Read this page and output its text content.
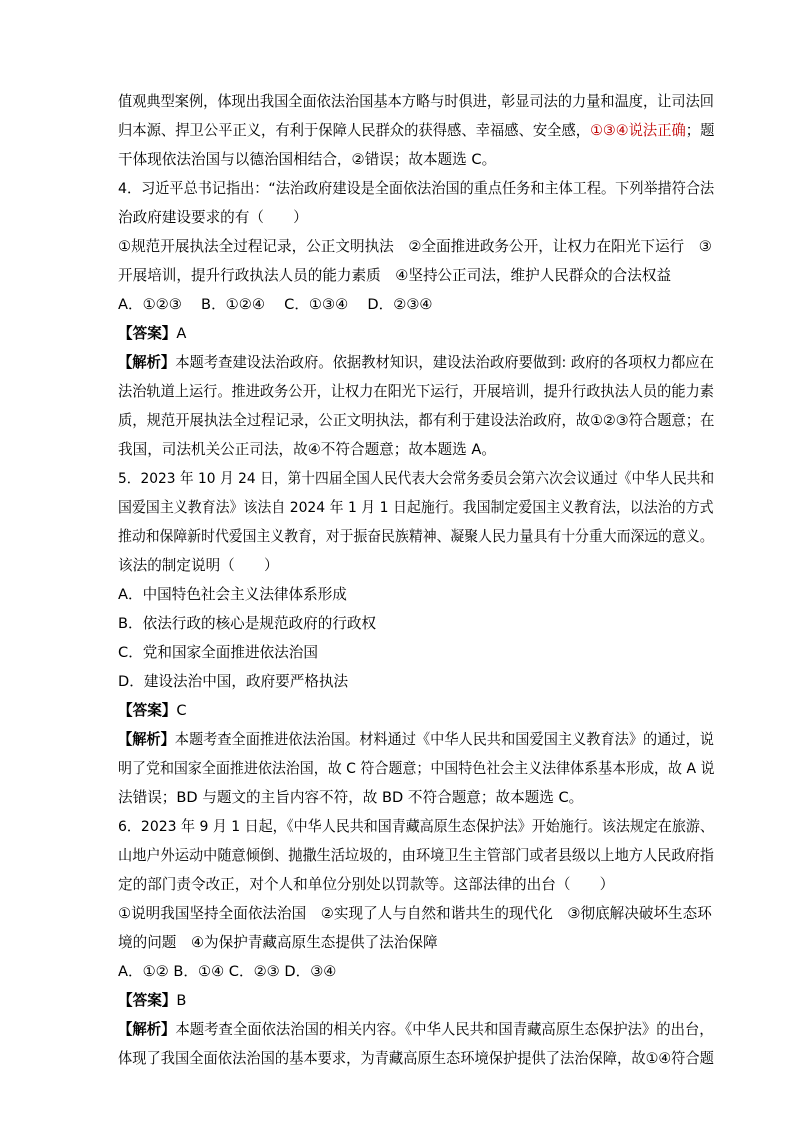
值观典型案例，体现出我国全面依法治国基本方略与时俱进，彰显司法的力量和温度，让司法回
归本源、捍卫公平正义，有利于保障人民群众的获得感、幸福感、安全感，①③④说法正确；题
干体现依法治国与以德治国相结合，②错误；故本题选 C。
4．习近平总书记指出：“法治政府建设是全面依法治国的重点任务和主体工程。下列举措符合法
治政府建设要求的有（　　）
①规范开展执法全过程记录，公正文明执法　②全面推进政务公开，让权力在阳光下运行　③
开展培训，提升行政执法人员的能力素质　④坚持公正司法，维护人民群众的合法权益
A．①②③　 B．①②④　 C．①③④　 D．②③④
【答案】A
【解析】本题考查建设法治政府。依据教材知识，建设法治政府要做到: 政府的各项权力都应在
法治轨道上运行。推进政务公开，让权力在阳光下运行，开展培训，提升行政执法人员的能力素
质，规范开展执法全过程记录，公正文明执法，都有利于建设法治政府，故①②③符合题意；在
我国，司法机关公正司法，故④不符合题意；故本题选 A。
5．2023 年 10 月 24 日，第十四届全国人民代表大会常务委员会第六次会议通过《中华人民共和
国爱国主义教育法》该法自 2024 年 1 月 1 日起施行。我国制定爱国主义教育法，以法治的方式
推动和保障新时代爱国主义教育，对于振奋民族精神、凝聚人民力量具有十分重大而深远的意义。
该法的制定说明（　　）
A．中国特色社会主义法律体系形成
B．依法行政的核心是规范政府的行政权
C．党和国家全面推进依法治国
D．建设法治中国，政府要严格执法
【答案】C
【解析】本题考查全面推进依法治国。材料通过《中华人民共和国爱国主义教育法》的通过，说
明了党和国家全面推进依法治国，故 C 符合题意；中国特色社会主义法律体系基本形成，故 A 说
法错误；BD 与题文的主旨内容不符，故 BD 不符合题意；故本题选 C。
6．2023 年 9 月 1 日起，《中华人民共和国青藏高原生态保护法》开始施行。该法规定在旅游、
山地户外运动中随意倾倒、抛撒生活垃圾的，由环境卫生主管部门或者县级以上地方人民政府指
定的部门责令改正，对个人和单位分别处以罚款等。这部法律的出台（　　）
①说明我国坚持全面依法治国　②实现了人与自然和谐共生的现代化　③彻底解决破坏生态环
境的问题　④为保护青藏高原生态提供了法治保障
A．①② B．①④ C．②③ D．③④
【答案】B
【解析】本题考查全面依法治国的相关内容。《中华人民共和国青藏高原生态保护法》的出台，
体现了我国全面依法治国的基本要求，为青藏高原生态环境保护提供了法治保障，故①④符合题
